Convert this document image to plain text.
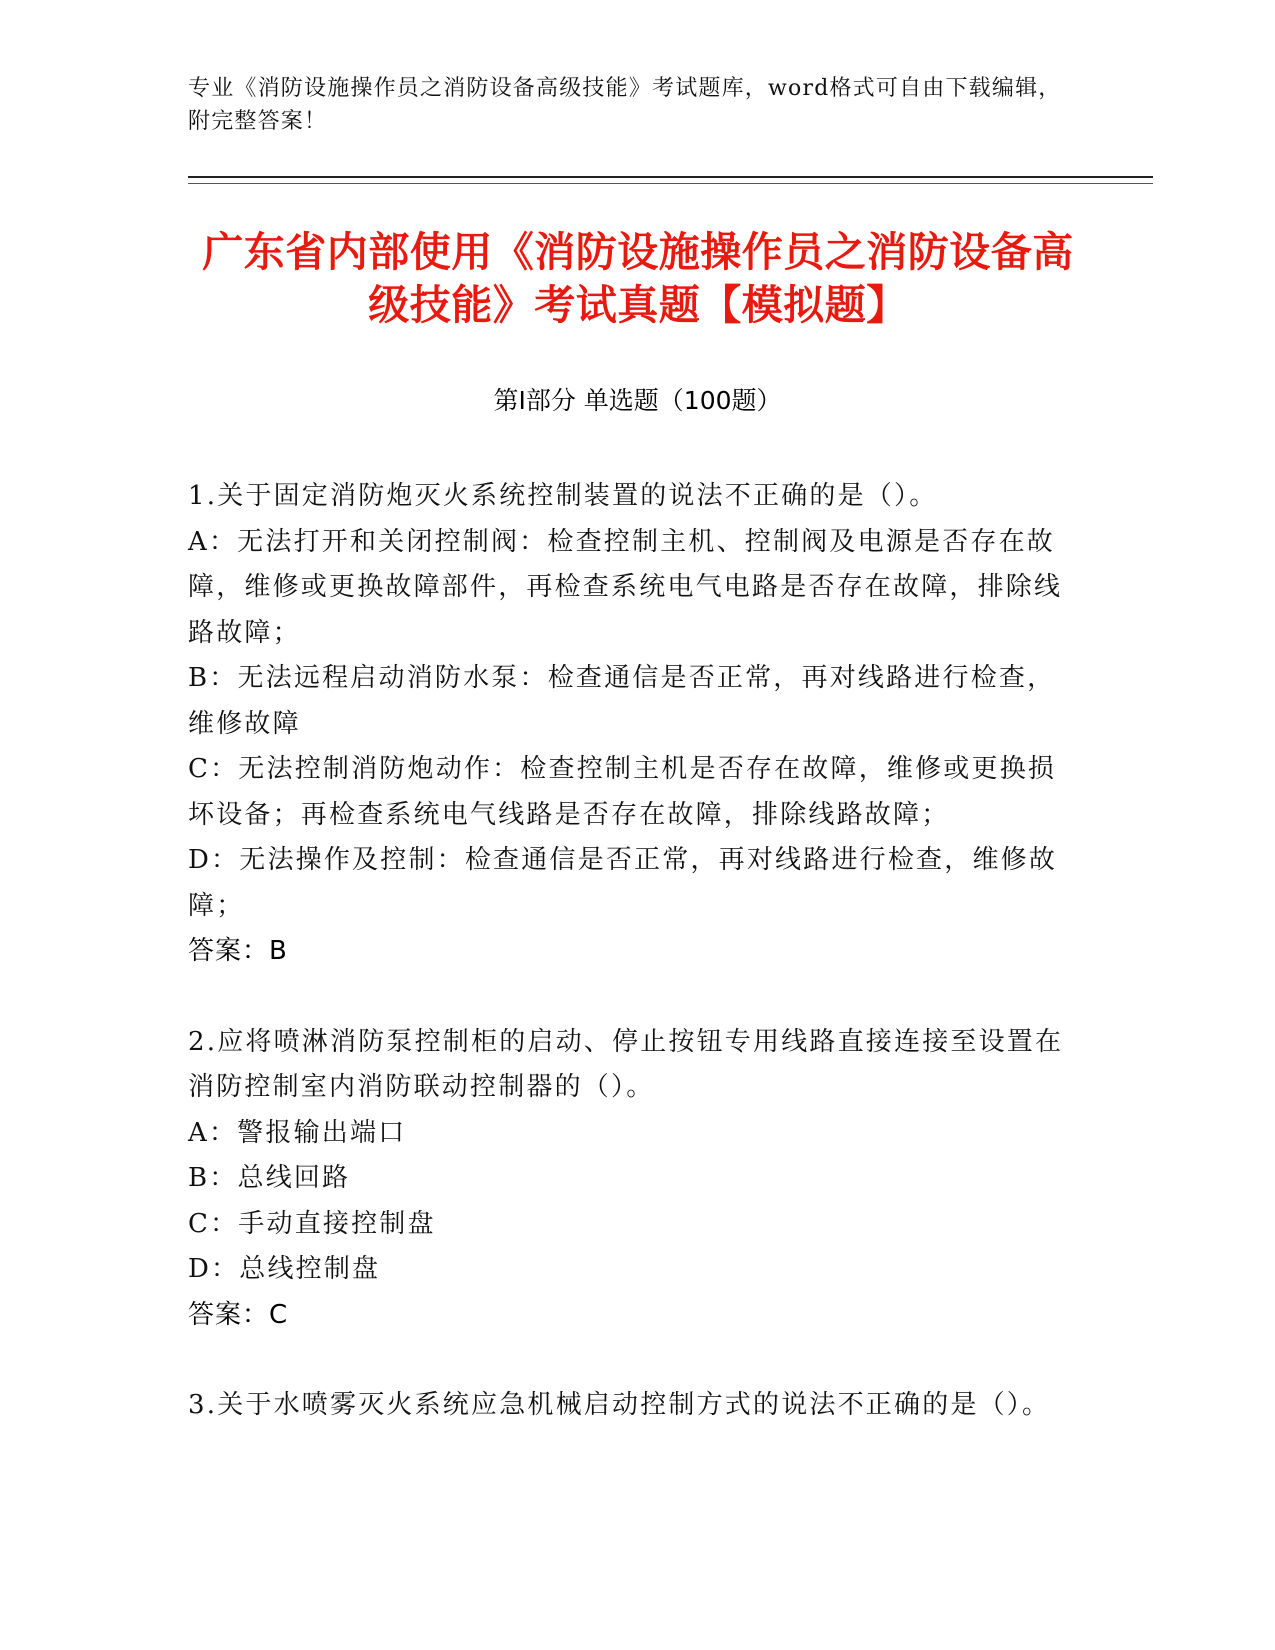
专业《消防设施操作员之消防设备高级技能》考试题库，word格式可自由下载编辑，附完整答案！
广东省内部使用《消防设施操作员之消防设备高级技能》考试真题【模拟题】
第I部分 单选题（100题）

1.关于固定消防炮灭火系统控制装置的说法不正确的是（）。

A：无法打开和关闭控制阀：检查控制主机、控制阀及电源是否存在故障，维修或更换故障部件，再检查系统电气电路是否存在故障，排除线路故障；

B：无法远程启动消防水泵：检查通信是否正常，再对线路进行检查，维修故障

C：无法控制消防炮动作：检查控制主机是否存在故障，维修或更换损坏设备；再检查系统电气线路是否存在故障，排除线路故障；

D：无法操作及控制：检查通信是否正常，再对线路进行检查，维修故障；

答案：B

2.应将喷淋消防泵控制柜的启动、停止按钮专用线路直接连接至设置在消防控制室内消防联动控制器的（）。

A：警报输出端口

B：总线回路

C：手动直接控制盘

D：总线控制盘

答案：C

3.关于水喷雾灭火系统应急机械启动控制方式的说法不正确的是（）。
